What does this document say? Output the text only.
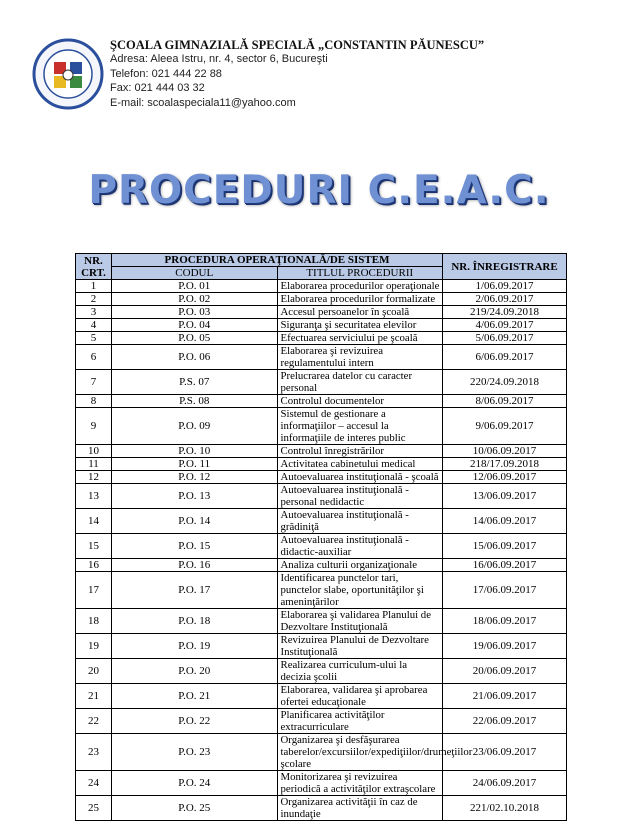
ŞCOALA GIMNAZIALĂ SPECIALĂ „CONSTANTIN PĂUNESCU”
Adresa: Aleea Istru, nr. 4, sector 6, Bucureşti
Telefon: 021 444 22 88
Fax: 021 444 03 32
E-mail: scoalaspeciala11@yahoo.com
PROCEDURI C.E.A.C.
NR. CRT.	PROCEDURA OPERAŢIONALĂ/DE SISTEM		NR. ÎNREGISTRARE
	CODUL	TITLUL PROCEDURII	
1	P.O. 01	Elaborarea procedurilor operaţionale	1/06.09.2017
2	P.O. 02	Elaborarea procedurilor formalizate	2/06.09.2017
3	P.O. 03	Accesul persoanelor în şcoală	219/24.09.2018
4	P.O. 04	Siguranţa şi securitatea elevilor	4/06.09.2017
5	P.O. 05	Efectuarea serviciului pe şcoală	5/06.09.2017
6	P.O. 06	Elaborarea şi revizuirea regulamentului intern	6/06.09.2017
7	P.S. 07	Prelucrarea datelor cu caracter personal	220/24.09.2018
8	P.S. 08	Controlul documentelor	8/06.09.2017
9	P.O. 09	Sistemul de gestionare a informaţiilor – accesul la informaţiile de interes public	9/06.09.2017
10	P.O. 10	Controlul înregistrărilor	10/06.09.2017
11	P.O. 11	Activitatea cabinetului medical	218/17.09.2018
12	P.O. 12	Autoevaluarea instituţională - şcoală	12/06.09.2017
13	P.O. 13	Autoevaluarea instituţională - personal nedidactic	13/06.09.2017
14	P.O. 14	Autoevaluarea instituţională - grădiniţă	14/06.09.2017
15	P.O. 15	Autoevaluarea instituţională - didactic-auxiliar	15/06.09.2017
16	P.O. 16	Analiza culturii organizaţionale	16/06.09.2017
17	P.O. 17	Identificarea punctelor tari, punctelor slabe, oportunităţilor şi ameninţărilor	17/06.09.2017
18	P.O. 18	Elaborarea şi validarea Planului de Dezvoltare Instituţională	18/06.09.2017
19	P.O. 19	Revizuirea Planului de Dezvoltare Instituţională	19/06.09.2017
20	P.O. 20	Realizarea curriculum-ului la decizia şcolii	20/06.09.2017
21	P.O. 21	Elaborarea, validarea şi aprobarea ofertei educaţionale	21/06.09.2017
22	P.O. 22	Planificarea activităţilor extracurriculare	22/06.09.2017
23	P.O. 23	Organizarea şi desfăşurarea taberelor/excursiilor/expediţiilor/drumeţiilor şcolare	23/06.09.2017
24	P.O. 24	Monitorizarea şi revizuirea periodică a activităţilor extraşcolare	24/06.09.2017
25	P.O. 25	Organizarea activităţii în caz de inundaţie	221/02.10.2018
